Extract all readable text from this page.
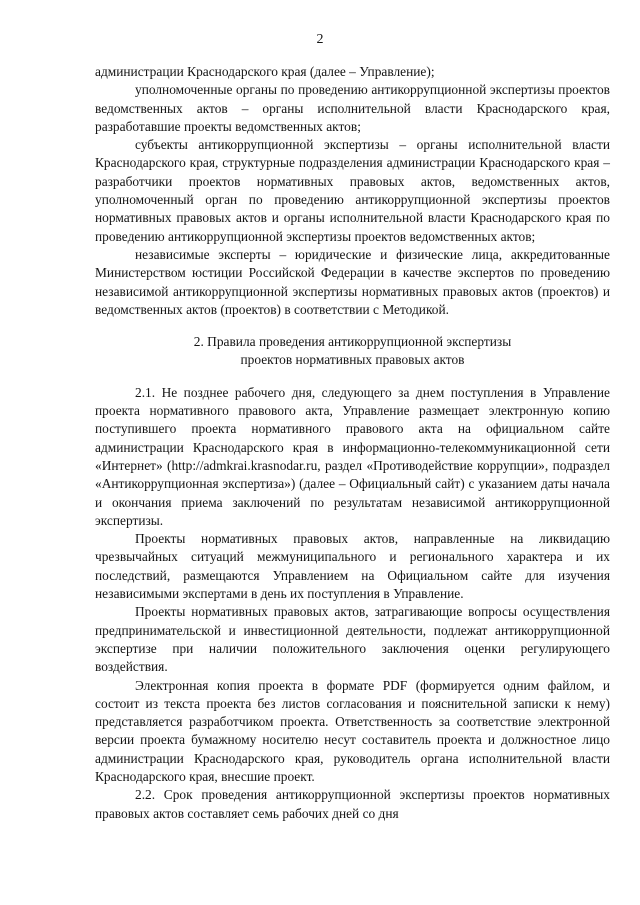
2

администрации Краснодарского края (далее – Управление);

уполномоченные органы по проведению антикоррупционной экспертизы проектов ведомственных актов – органы исполнительной власти Краснодарского края, разработавшие проекты ведомственных актов;

субъекты антикоррупционной экспертизы – органы исполнительной власти Краснодарского края, структурные подразделения администрации Краснодарского края – разработчики проектов нормативных правовых актов, ведомственных актов, уполномоченный орган по проведению антикоррупционной экспертизы проектов нормативных правовых актов и органы исполнительной власти Краснодарского края по проведению антикоррупционной экспертизы проектов ведомственных актов;

независимые эксперты – юридические и физические лица, аккредитованные Министерством юстиции Российской Федерации в качестве экспертов по проведению независимой антикоррупционной экспертизы нормативных правовых актов (проектов) и ведомственных актов (проектов) в соответствии с Методикой.

2. Правила проведения антикоррупционной экспертизы
проектов нормативных правовых актов

2.1. Не позднее рабочего дня, следующего за днем поступления в Управление проекта нормативного правового акта, Управление размещает электронную копию поступившего проекта нормативного правового акта на официальном сайте администрации Краснодарского края в информационно-телекоммуникационной сети «Интернет» (http://admkrai.krasnodar.ru, раздел «Противодействие коррупции», подраздел «Антикоррупционная экспертиза») (далее – Официальный сайт) с указанием даты начала и окончания приема заключений по результатам независимой антикоррупционной экспертизы.

Проекты нормативных правовых актов, направленные на ликвидацию чрезвычайных ситуаций межмуниципального и регионального характера и их последствий, размещаются Управлением на Официальном сайте для изучения независимыми экспертами в день их поступления в Управление.

Проекты нормативных правовых актов, затрагивающие вопросы осуществления предпринимательской и инвестиционной деятельности, подлежат антикоррупционной экспертизе при наличии положительного заключения оценки регулирующего воздействия.

Электронная копия проекта в формате PDF (формируется одним файлом, и состоит из текста проекта без листов согласования и пояснительной записки к нему) представляется разработчиком проекта. Ответственность за соответствие электронной версии проекта бумажному носителю несут составитель проекта и должностное лицо администрации Краснодарского края, руководитель органа исполнительной власти Краснодарского края, внесшие проект.

2.2. Срок проведения антикоррупционной экспертизы проектов нормативных правовых актов составляет семь рабочих дней со дня
